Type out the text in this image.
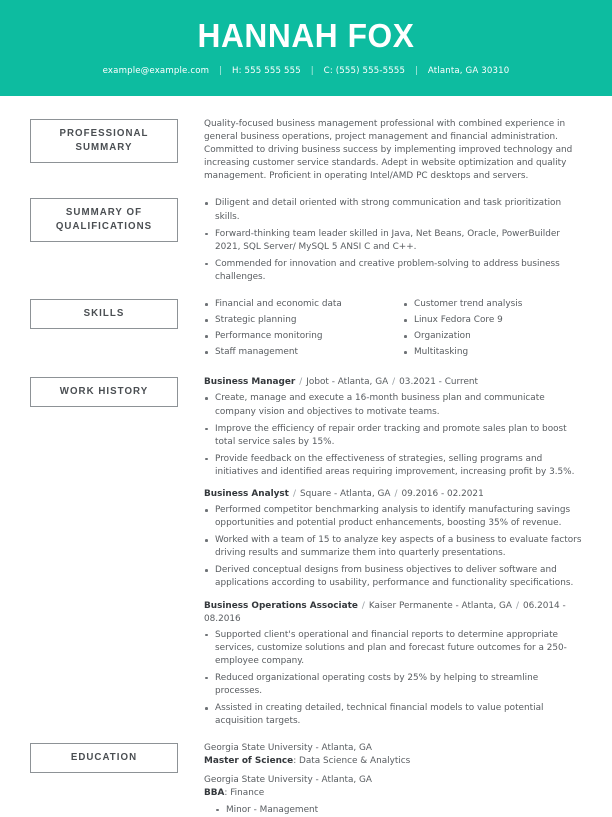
HANNAH FOX
example@example.com | H: 555 555 555 | C: (555) 555-5555 | Atlanta, GA 30310
PROFESSIONAL SUMMARY

Quality-focused business management professional with combined experience in general business operations, project management and financial administration. Committed to driving business success by implementing improved technology and increasing customer service standards. Adept in website optimization and quality management. Proficient in operating Intel/AMD PC desktops and servers.

SUMMARY OF QUALIFICATIONS
Diligent and detail oriented with strong communication and task prioritization skills.
Forward-thinking team leader skilled in Java, Net Beans, Oracle, PowerBuilder 2021, SQL Server/ MySQL 5 ANSI C and C++.
Commended for innovation and creative problem-solving to address business challenges.
SKILLS
Financial and economic data
Strategic planning
Performance monitoring
Staff management
Customer trend analysis
Linux Fedora Core 9
Organization
Multitasking
WORK HISTORY
Business Manager / Jobot - Atlanta, GA / 03.2021 - Current
Create, manage and execute a 16-month business plan and communicate company vision and objectives to motivate teams.
Improve the efficiency of repair order tracking and promote sales plan to boost total service sales by 15%.
Provide feedback on the effectiveness of strategies, selling programs and initiatives and identified areas requiring improvement, increasing profit by 3.5%.
Business Analyst / Square - Atlanta, GA / 09.2016 - 02.2021
Performed competitor benchmarking analysis to identify manufacturing savings opportunities and potential product enhancements, boosting 35% of revenue.
Worked with a team of 15 to analyze key aspects of a business to evaluate factors driving results and summarize them into quarterly presentations.
Derived conceptual designs from business objectives to deliver software and applications according to usability, performance and functionality specifications.
Business Operations Associate / Kaiser Permanente - Atlanta, GA / 06.2014 - 08.2016
Supported client's operational and financial reports to determine appropriate services, customize solutions and plan and forecast future outcomes for a 250-employee company.
Reduced organizational operating costs by 25% by helping to streamline processes.
Assisted in creating detailed, technical financial models to value potential acquisition targets.
EDUCATION
Georgia State University - Atlanta, GA
Master of Science: Data Science & Analytics
Georgia State University - Atlanta, GA
BBA: Finance
Minor - Management
